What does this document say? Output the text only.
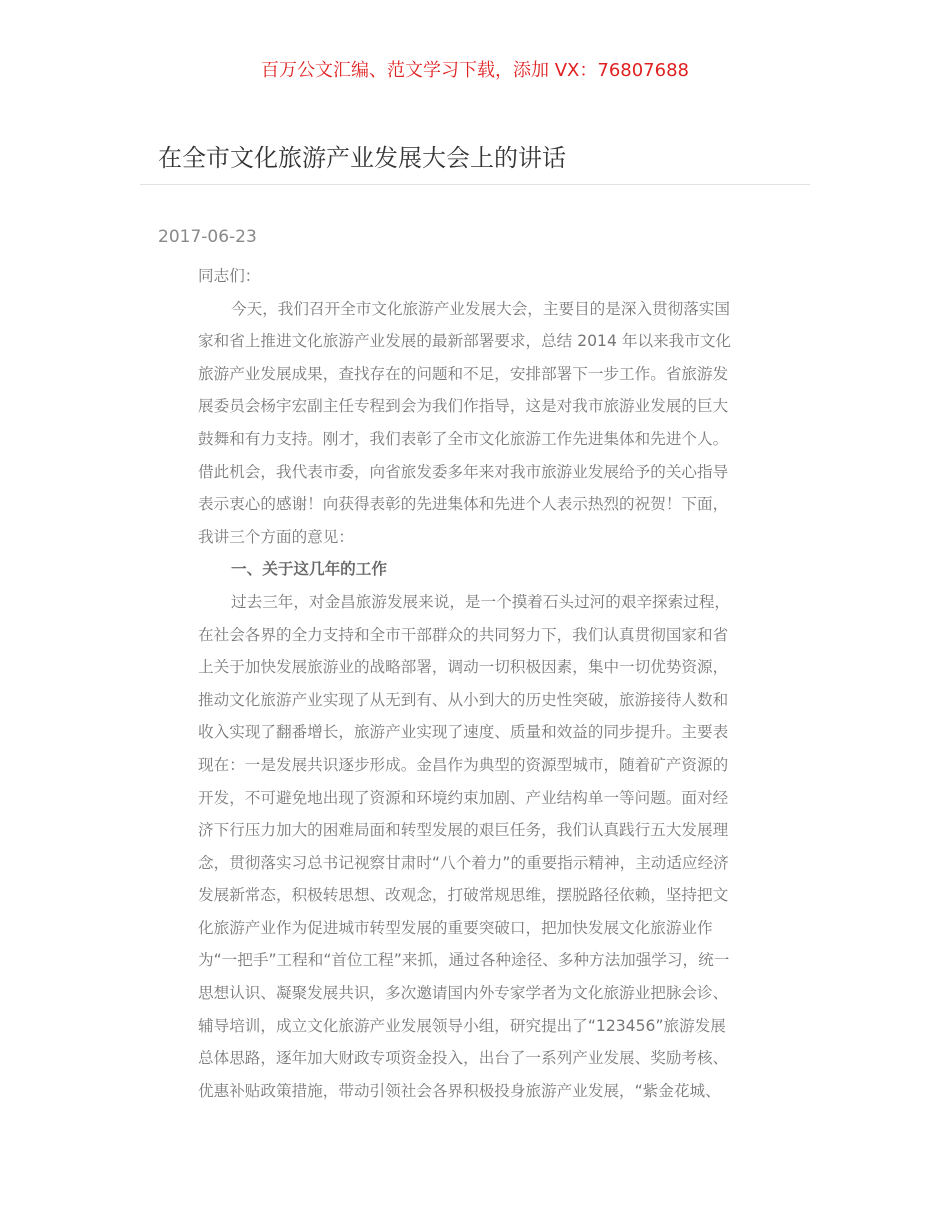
百万公文汇编、范文学习下载，添加 VX：76807688
在全市文化旅游产业发展大会上的讲话
2017-06-23
同志们：
今天，我们召开全市文化旅游产业发展大会，主要目的是深入贯彻落实国
家和省上推进文化旅游产业发展的最新部署要求，总结 2014 年以来我市文化
旅游产业发展成果，查找存在的问题和不足，安排部署下一步工作。省旅游发
展委员会杨宇宏副主任专程到会为我们作指导，这是对我市旅游业发展的巨大
鼓舞和有力支持。刚才，我们表彰了全市文化旅游工作先进集体和先进个人。
借此机会，我代表市委，向省旅发委多年来对我市旅游业发展给予的关心指导
表示衷心的感谢！向获得表彰的先进集体和先进个人表示热烈的祝贺！下面，
我讲三个方面的意见：
一、关于这几年的工作
过去三年，对金昌旅游发展来说，是一个摸着石头过河的艰辛探索过程，
在社会各界的全力支持和全市干部群众的共同努力下，我们认真贯彻国家和省
上关于加快发展旅游业的战略部署，调动一切积极因素，集中一切优势资源，
推动文化旅游产业实现了从无到有、从小到大的历史性突破，旅游接待人数和
收入实现了翻番增长，旅游产业实现了速度、质量和效益的同步提升。主要表
现在：一是发展共识逐步形成。金昌作为典型的资源型城市，随着矿产资源的
开发，不可避免地出现了资源和环境约束加剧、产业结构单一等问题。面对经
济下行压力加大的困难局面和转型发展的艰巨任务，我们认真践行五大发展理
念，贯彻落实习总书记视察甘肃时“八个着力”的重要指示精神，主动适应经济
发展新常态，积极转思想、改观念，打破常规思维，摆脱路径依赖，坚持把文
化旅游产业作为促进城市转型发展的重要突破口，把加快发展文化旅游业作
为“一把手”工程和“首位工程”来抓，通过各种途径、多种方法加强学习，统一
思想认识、凝聚发展共识，多次邀请国内外专家学者为文化旅游业把脉会诊、
辅导培训，成立文化旅游产业发展领导小组，研究提出了“123456”旅游发展
总体思路，逐年加大财政专项资金投入，出台了一系列产业发展、奖励考核、
优惠补贴政策措施，带动引领社会各界积极投身旅游产业发展，“紫金花城、
